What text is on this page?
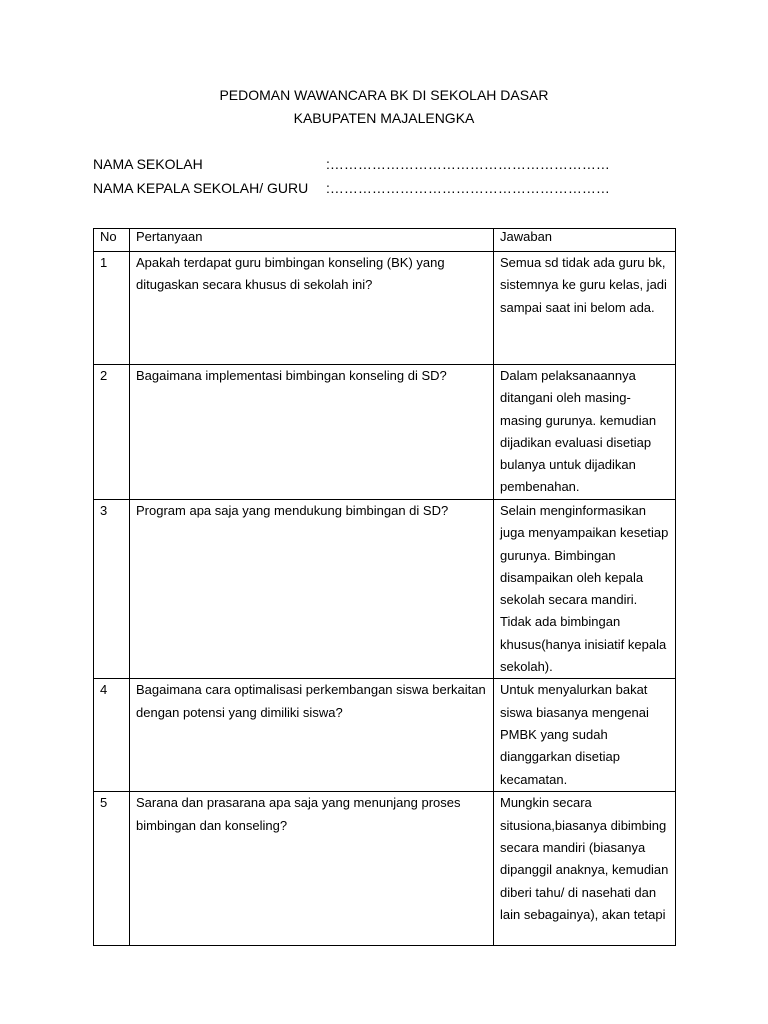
PEDOMAN WAWANCARA BK DI SEKOLAH DASAR
KABUPATEN MAJALENGKA
NAMA SEKOLAH	:……………………………………………………
NAMA KEPALA SEKOLAH/ GURU :……………………………………………………
No	Pertanyaan	Jawaban
1	Apakah terdapat guru bimbingan konseling (BK) yang ditugaskan secara khusus di sekolah ini?	Semua sd tidak ada guru bk, sistemnya ke guru kelas, jadi sampai saat ini belom ada.
2	Bagaimana implementasi bimbingan konseling di SD?	Dalam pelaksanaannya ditangani oleh masing-masing gurunya. kemudian dijadikan evaluasi disetiap bulanya untuk dijadikan pembenahan.
3	Program apa saja yang mendukung bimbingan di SD?	Selain menginformasikan juga menyampaikan kesetiap gurunya. Bimbingan disampaikan oleh kepala sekolah secara mandiri. Tidak ada bimbingan khusus(hanya inisiatif kepala sekolah).
4	Bagaimana cara optimalisasi perkembangan siswa berkaitan dengan potensi yang dimiliki siswa?	Untuk menyalurkan bakat siswa biasanya mengenai PMBK yang sudah dianggarkan disetiap kecamatan.
5	Sarana dan prasarana apa saja yang menunjang proses bimbingan dan konseling?	Mungkin secara situsiona,biasanya dibimbing secara mandiri (biasanya dipanggil anaknya, kemudian diberi tahu/ di nasehati dan lain sebagainya), akan tetapi
